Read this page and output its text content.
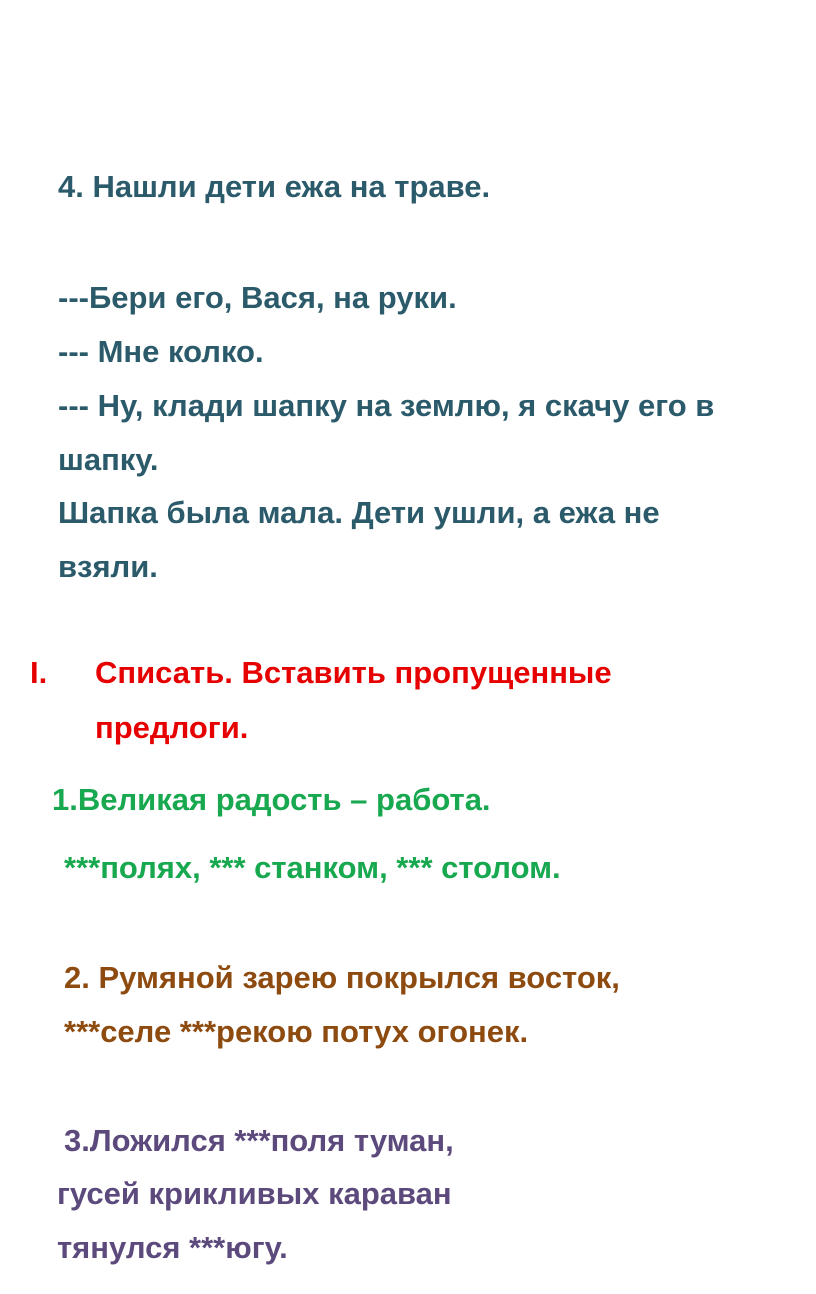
4. Нашли дети ежа на траве.

---Бери его, Вася, на руки.

--- Мне колко.

--- Ну, клади шапку на землю, я скачу его в

шапку.

Шапка была мала. Дети ушли, а ежа не

взяли.

I. Списать. Вставить пропущенные

предлоги.

1.Великая радость – работа.

***полях, *** станком, *** столом.

2. Румяной зарею покрылся восток,

***селе ***рекою потух огонек.

3.Ложился ***поля туман,

гусей крикливых караван

тянулся ***югу.
